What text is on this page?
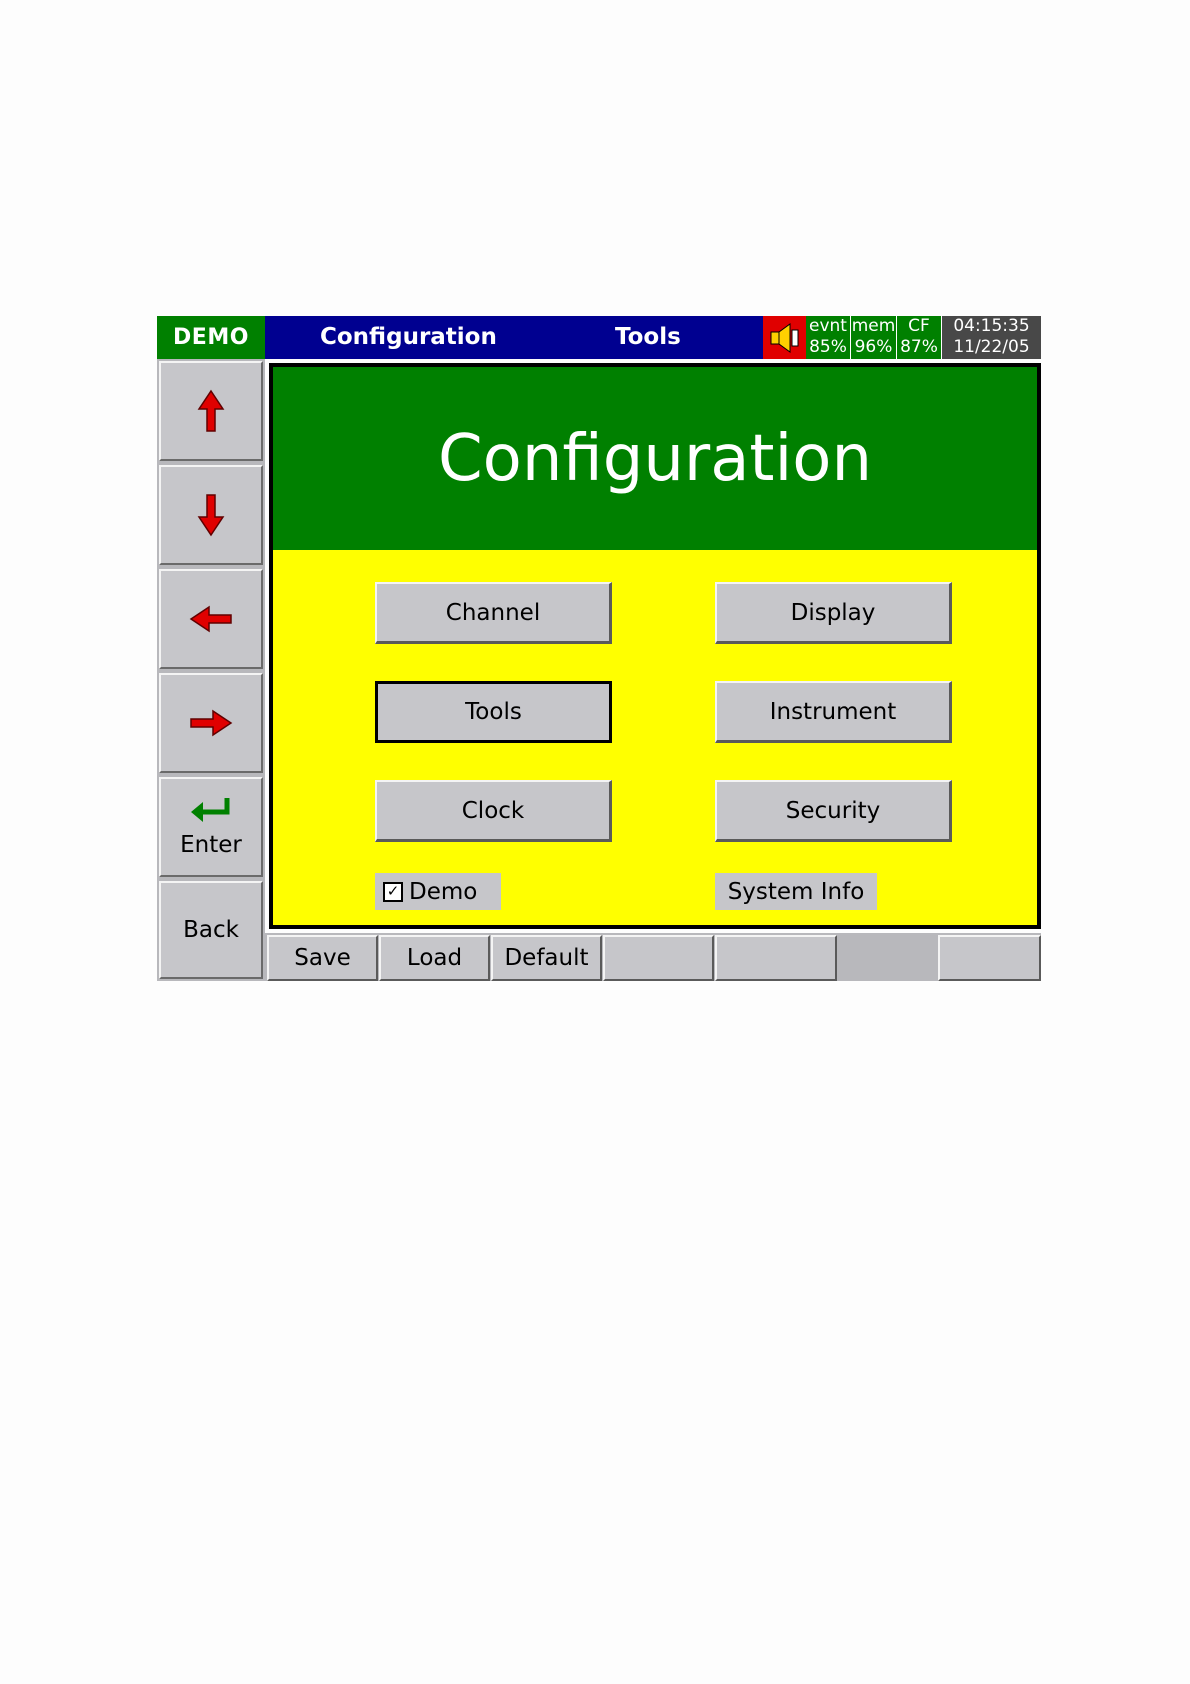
DEMO	Configuration	Tools	evnt
85%
mem
96%
CF
87%
04:15:35
11/22/05
Enter
Back
Configuration
Channel	Display
Tools	Instrument
Clock	Security
✓ Demo	System Info
Save	Load	Default
